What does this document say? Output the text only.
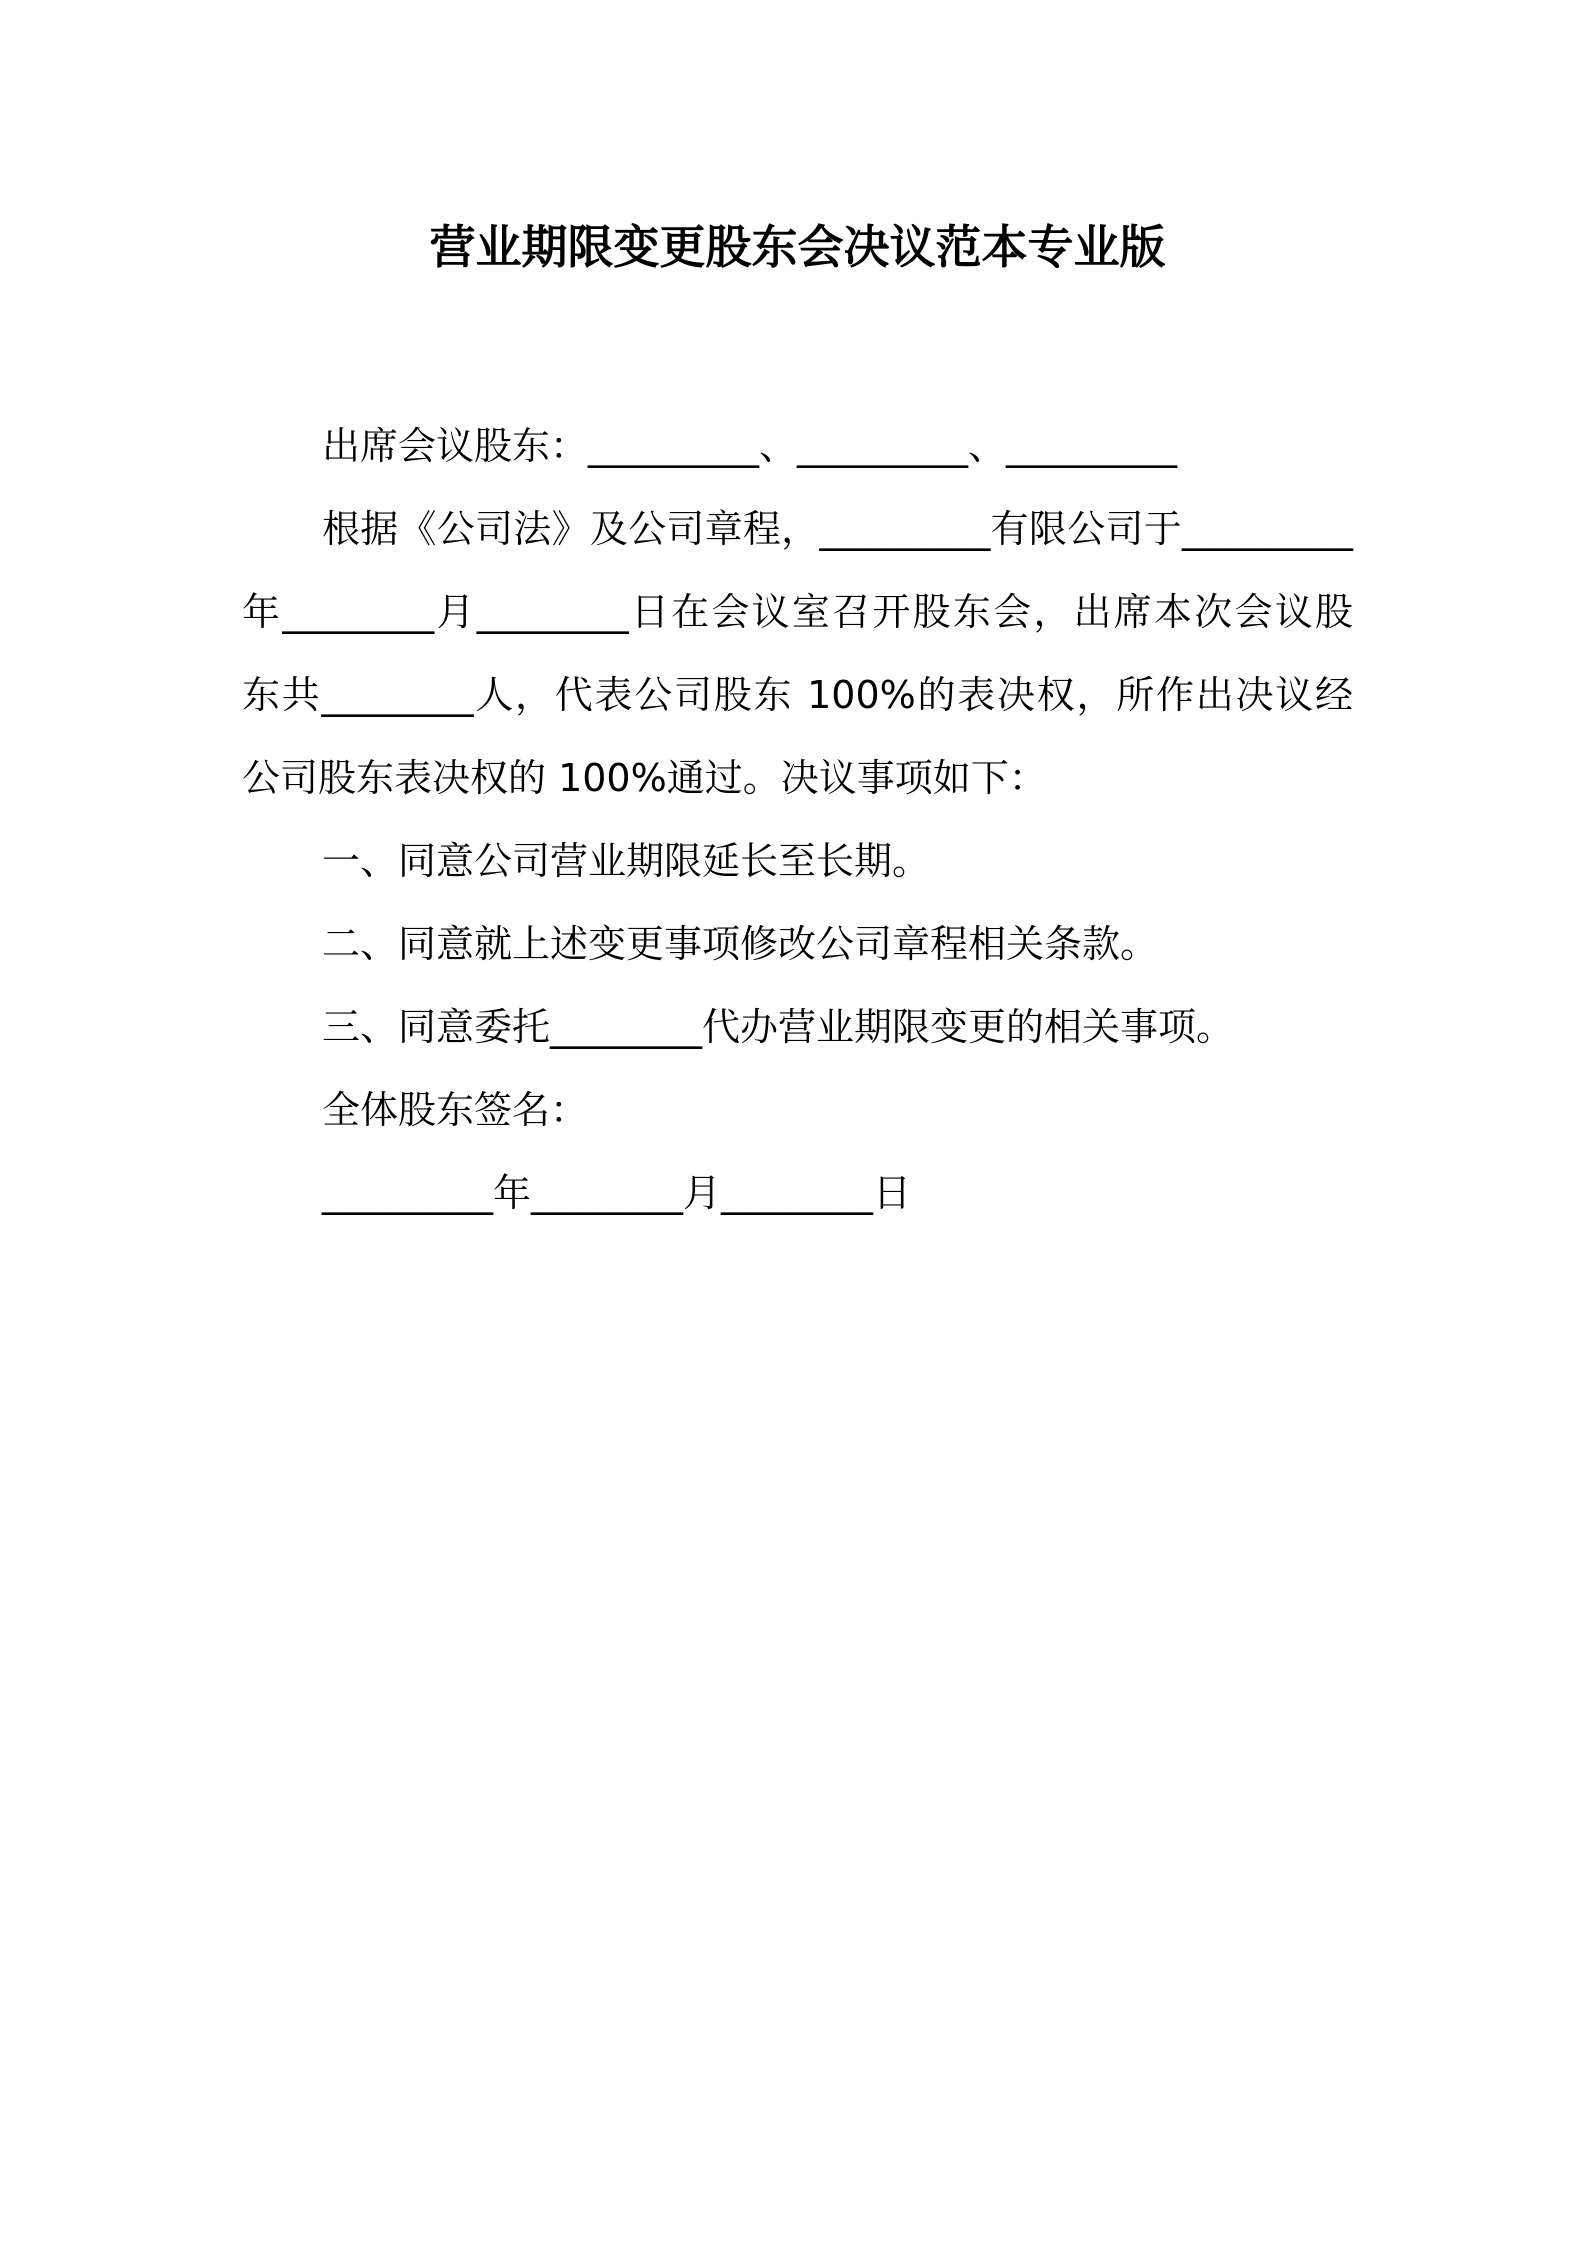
营业期限变更股东会决议范本专业版

出席会议股东：_________、_________、_________

根据《公司法》及公司章程，_________有限公司于_________
年________月________日在会议室召开股东会，出席本次会议股
东共________人，代表公司股东 100%的表决权，所作出决议经
公司股东表决权的 100%通过。决议事项如下：

一、同意公司营业期限延长至长期。

二、同意就上述变更事项修改公司章程相关条款。

三、同意委托________代办营业期限变更的相关事项。

全体股东签名：

_________年________月________日
